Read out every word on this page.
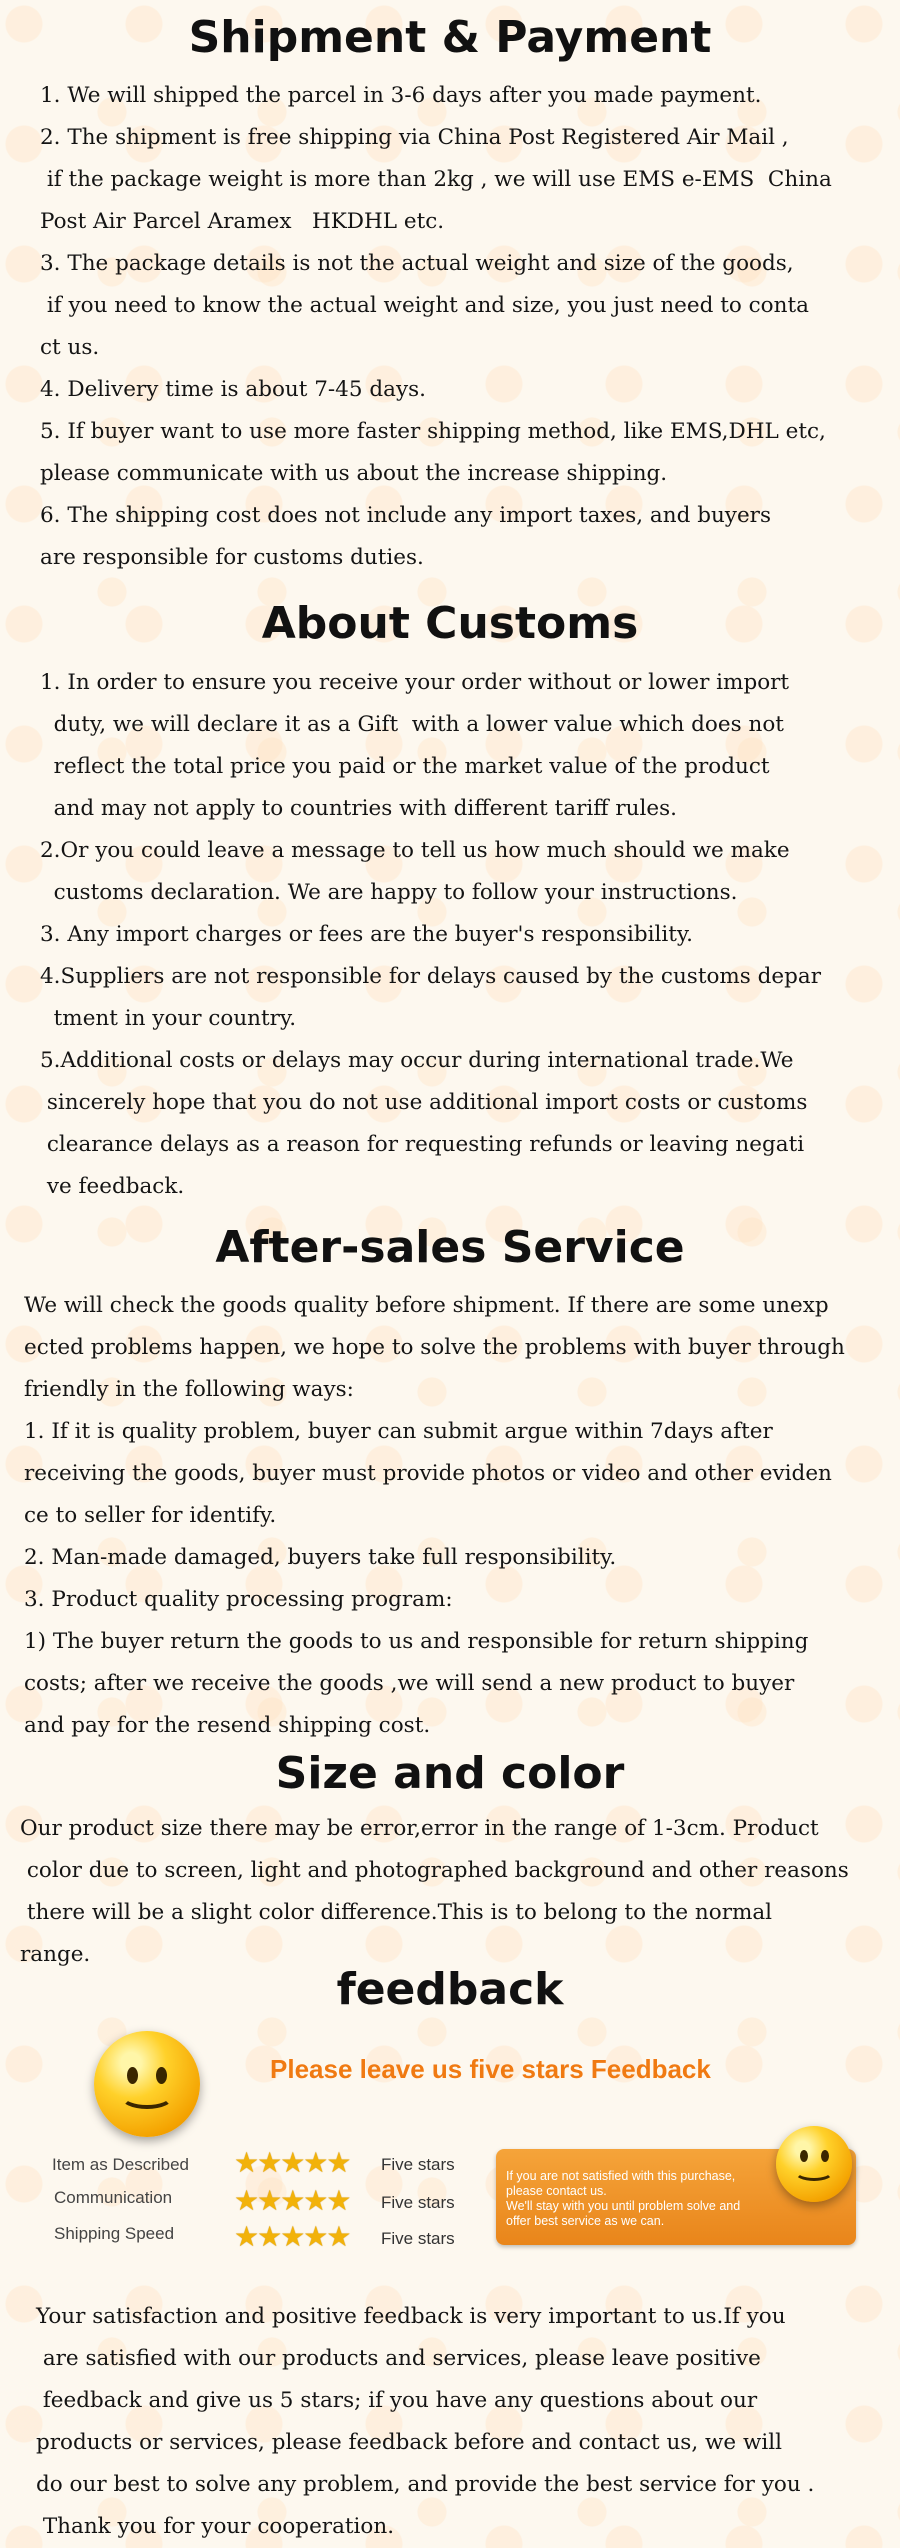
Shipment & Payment
1. We will shipped the parcel in 3-6 days after you made payment.
2. The shipment is free shipping via China Post Registered Air Mail ,
if the package weight is more than 2kg , we will use EMS e-EMS  China
Post Air Parcel Aramex   HKDHL etc.
3. The package details is not the actual weight and size of the goods,
if you need to know the actual weight and size, you just need to conta
ct us.
4. Delivery time is about 7-45 days.
5. If buyer want to use more faster shipping method, like EMS,DHL etc,
please communicate with us about the increase shipping.
6. The shipping cost does not include any import taxes, and buyers
are responsible for customs duties.
About Customs
1. In order to ensure you receive your order without or lower import
duty, we will declare it as a Gift  with a lower value which does not
reflect the total price you paid or the market value of the product
and may not apply to countries with different tariff rules.
2.Or you could leave a message to tell us how much should we make
customs declaration. We are happy to follow your instructions.
3. Any import charges or fees are the buyer's responsibility.
4.Suppliers are not responsible for delays caused by the customs depar
tment in your country.
5.Additional costs or delays may occur during international trade.We
sincerely hope that you do not use additional import costs or customs
clearance delays as a reason for requesting refunds or leaving negati
ve feedback.
After-sales Service
We will check the goods quality before shipment. If there are some unexp
ected problems happen, we hope to solve the problems with buyer through
friendly in the following ways:
1. If it is quality problem, buyer can submit argue within 7days after
receiving the goods, buyer must provide photos or video and other eviden
ce to seller for identify.
2. Man-made damaged, buyers take full responsibility.
3. Product quality processing program:
1) The buyer return the goods to us and responsible for return shipping
costs; after we receive the goods ,we will send a new product to buyer
and pay for the resend shipping cost.
Size and color
Our product size there may be error,error in the range of 1-3cm. Product
color due to screen, light and photographed background and other reasons
there will be a slight color difference.This is to belong to the normal
range.
feedback
Please leave us five stars Feedback
Item as Described ★★★★★ Five stars
Communication ★★★★★ Five stars
Shipping Speed ★★★★★ Five stars
If you are not satisfied with this purchase,
please contact us.
We'll stay with you until problem solve and
offer best service as we can.
Your satisfaction and positive feedback is very important to us.If you
are satisfied with our products and services, please leave positive
feedback and give us 5 stars; if you have any questions about our
products or services, please feedback before and contact us, we will
do our best to solve any problem, and provide the best service for you .
Thank you for your cooperation.
